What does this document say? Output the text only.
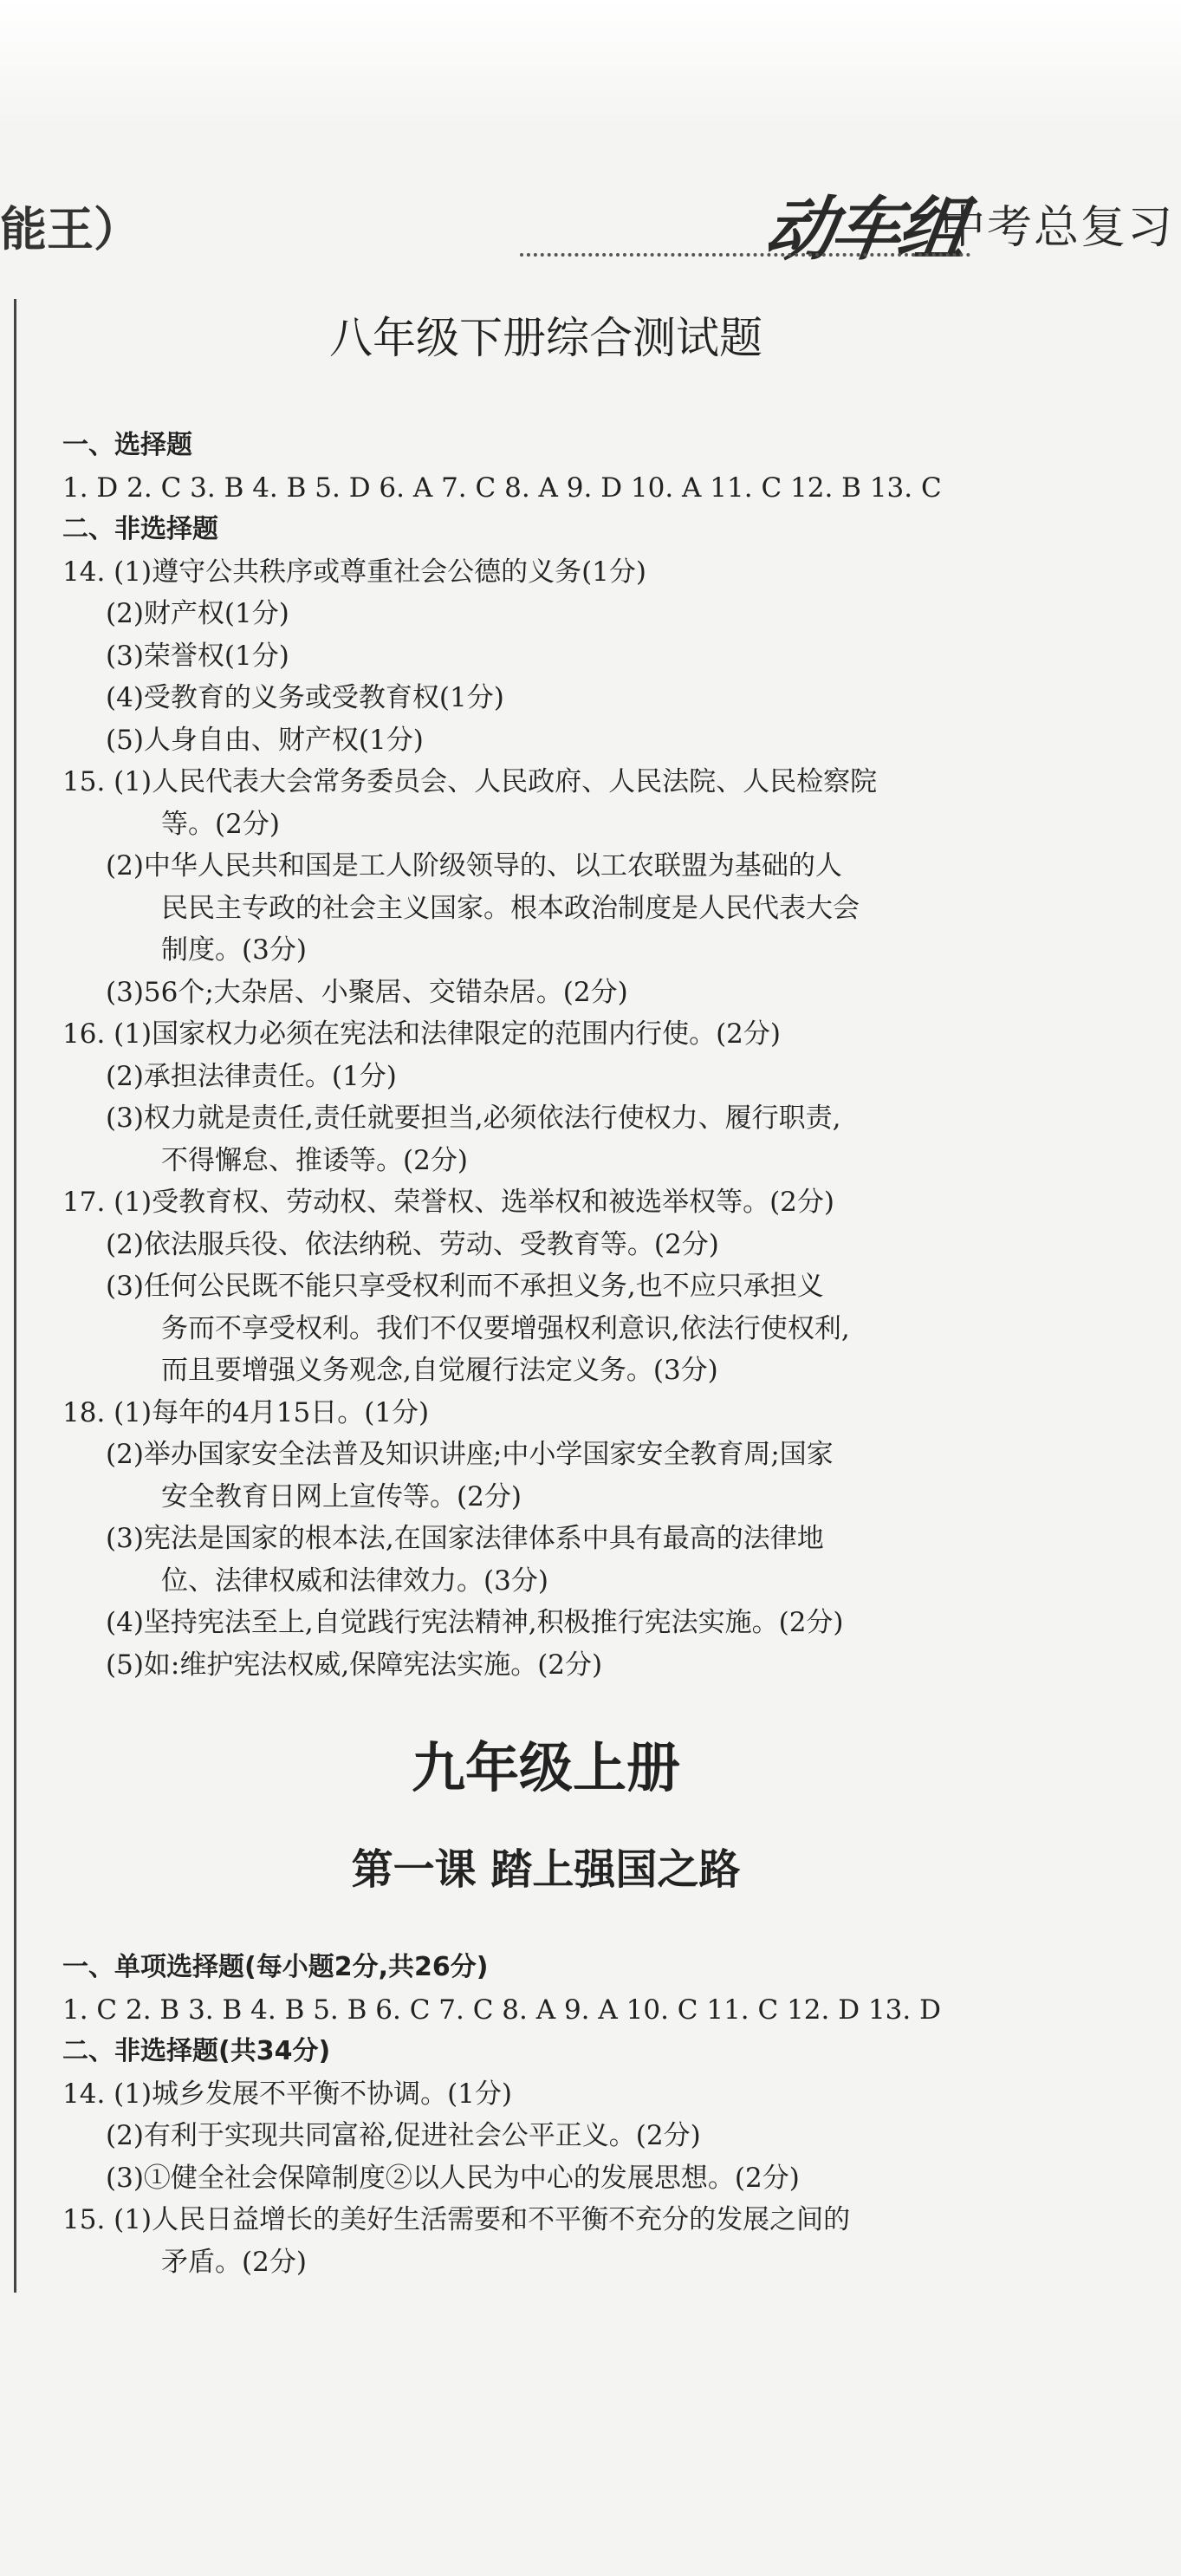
能王）	动车组
中考总复习
八年级下册综合测试题
一、选择题
1. D 2. C 3. B 4. B 5. D 6. A 7. C 8. A 9. D 10. A 11. C 12. B 13. C
二、非选择题
14. (1)遵守公共秩序或尊重社会公德的义务(1分)
(2)财产权(1分)
(3)荣誉权(1分)
(4)受教育的义务或受教育权(1分)
(5)人身自由、财产权(1分)
15. (1)人民代表大会常务委员会、人民政府、人民法院、人民检察院
等。(2分)
(2)中华人民共和国是工人阶级领导的、以工农联盟为基础的人
民民主专政的社会主义国家。根本政治制度是人民代表大会
制度。(3分)
(3)56个;大杂居、小聚居、交错杂居。(2分)
16. (1)国家权力必须在宪法和法律限定的范围内行使。(2分)
(2)承担法律责任。(1分)
(3)权力就是责任,责任就要担当,必须依法行使权力、履行职责,
不得懈怠、推诿等。(2分)
17. (1)受教育权、劳动权、荣誉权、选举权和被选举权等。(2分)
(2)依法服兵役、依法纳税、劳动、受教育等。(2分)
(3)任何公民既不能只享受权利而不承担义务,也不应只承担义
务而不享受权利。我们不仅要增强权利意识,依法行使权利,
而且要增强义务观念,自觉履行法定义务。(3分)
18. (1)每年的4月15日。(1分)
(2)举办国家安全法普及知识讲座;中小学国家安全教育周;国家
安全教育日网上宣传等。(2分)
(3)宪法是国家的根本法,在国家法律体系中具有最高的法律地
位、法律权威和法律效力。(3分)
(4)坚持宪法至上,自觉践行宪法精神,积极推行宪法实施。(2分)
(5)如:维护宪法权威,保障宪法实施。(2分)
九年级上册
第一课 踏上强国之路
一、单项选择题(每小题2分,共26分)
1. C 2. B 3. B 4. B 5. B 6. C 7. C 8. A 9. A 10. C 11. C 12. D 13. D
二、非选择题(共34分)
14. (1)城乡发展不平衡不协调。(1分)
(2)有利于实现共同富裕,促进社会公平正义。(2分)
(3)①健全社会保障制度②以人民为中心的发展思想。(2分)
15. (1)人民日益增长的美好生活需要和不平衡不充分的发展之间的
矛盾。(2分)
